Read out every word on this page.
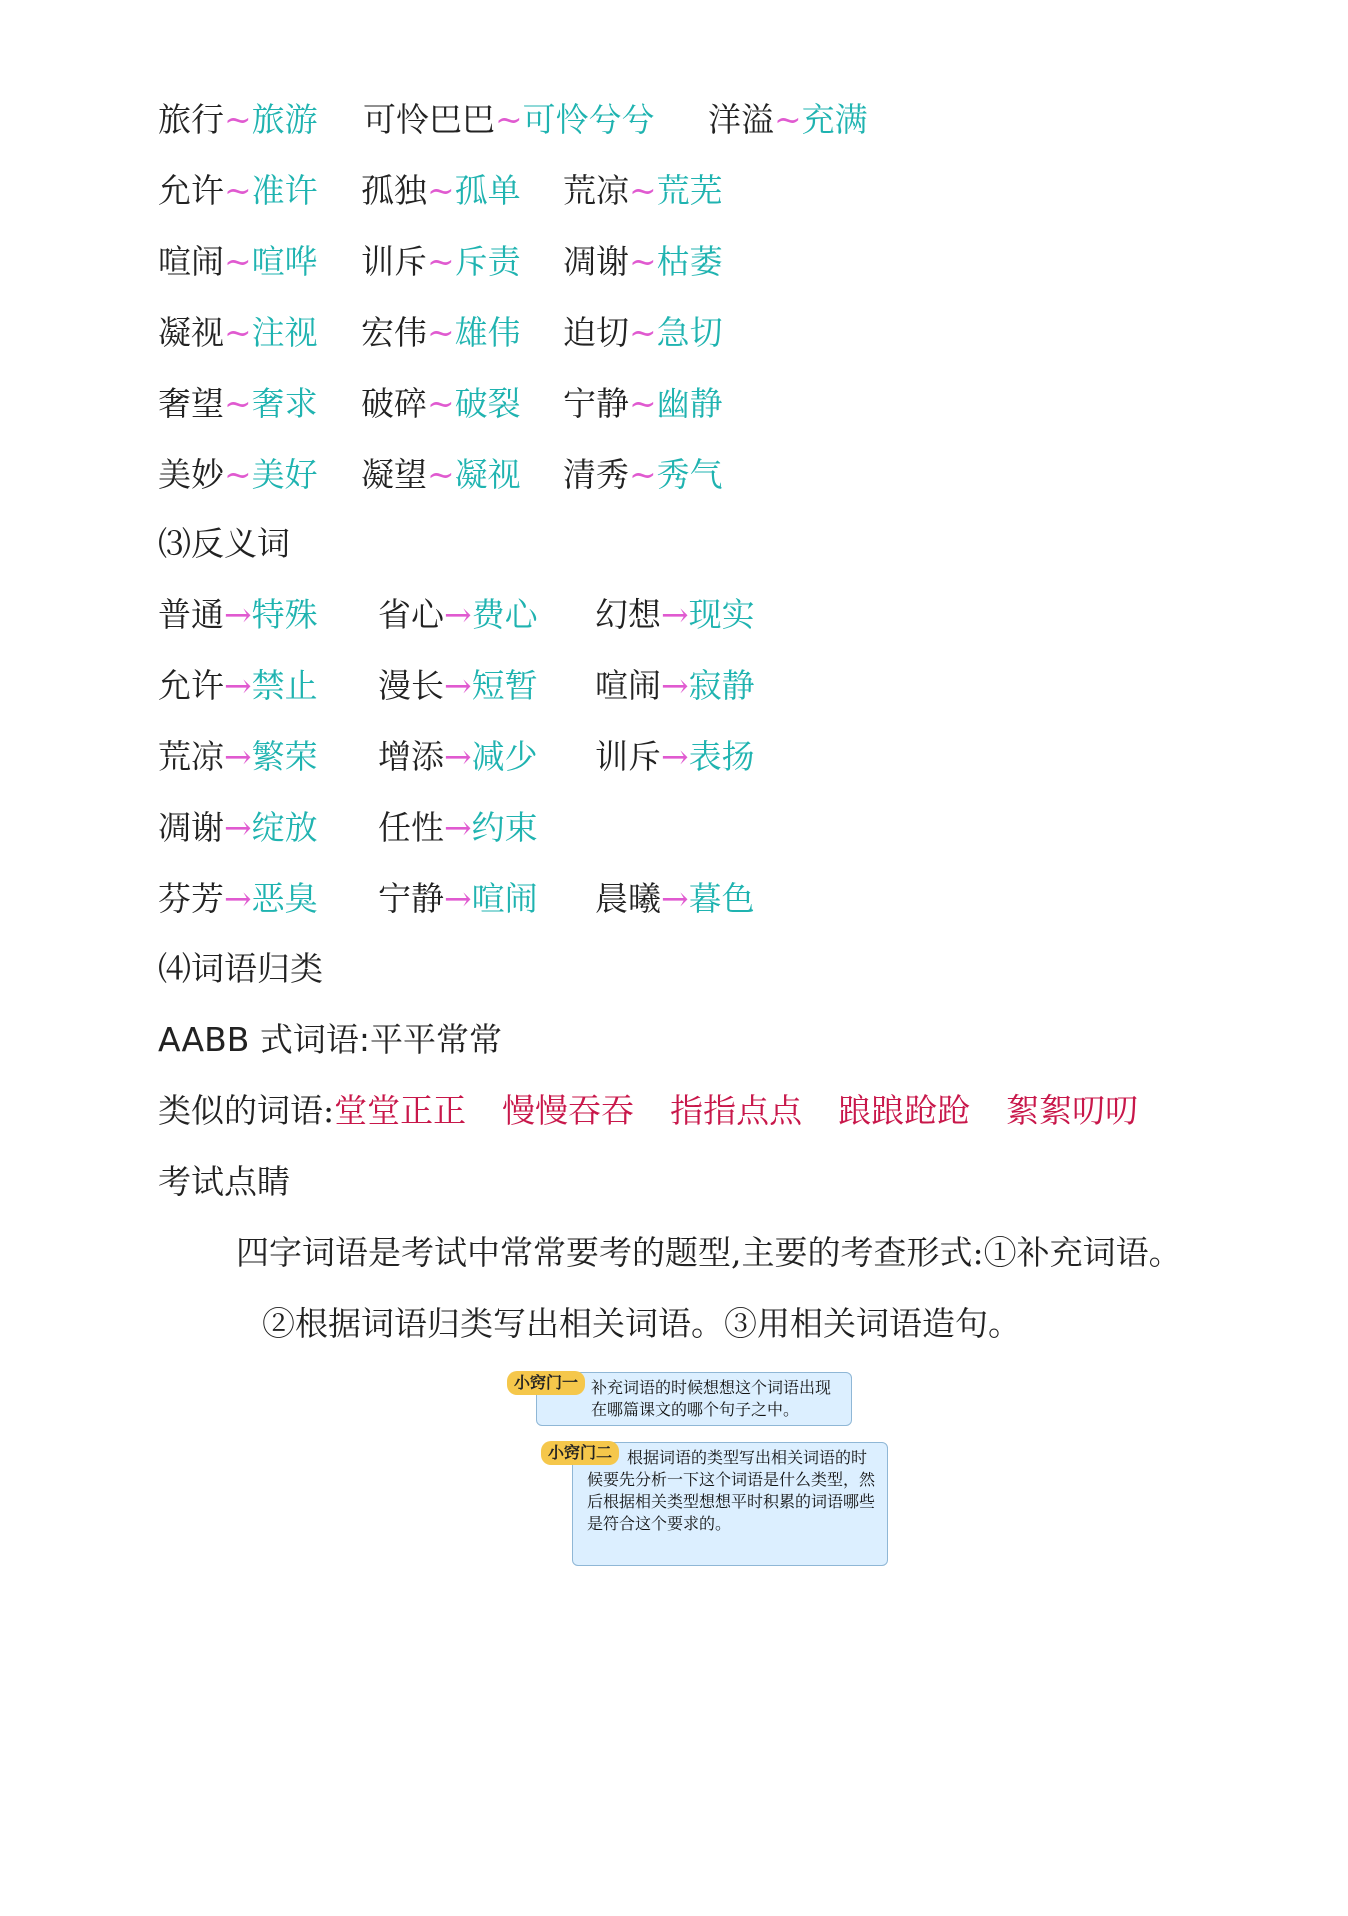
旅行~旅游 可怜巴巴~可怜兮兮 洋溢~充满
允许~准许 孤独~孤单 荒凉~荒芜
喧闹~喧哗 训斥~斥责 凋谢~枯萎
凝视~注视 宏伟~雄伟 迫切~急切
奢望~奢求 破碎~破裂 宁静~幽静
美妙~美好 凝望~凝视 清秀~秀气
⑶反义词
普通→特殊 省心→费心 幻想→现实
允许→禁止 漫长→短暂 喧闹→寂静
荒凉→繁荣 增添→减少 训斥→表扬
凋谢→绽放 任性→约束
芬芳→恶臭 宁静→喧闹 晨曦→暮色
⑷词语归类
AABB 式词语:平平常常
类似的词语:堂堂正正 慢慢吞吞 指指点点 踉踉跄跄 絮絮叨叨
考试点睛
四字词语是考试中常常要考的题型,主要的考查形式:①补充词语。
②根据词语归类写出相关词语。③用相关词语造句。
小窍门一 补充词语的时候想想这个词语出现在哪篇课文的哪个句子之中。
小窍门二 根据词语的类型写出相关词语的时候要先分析一下这个词语是什么类型，然后根据相关类型想想平时积累的词语哪些是符合这个要求的。
